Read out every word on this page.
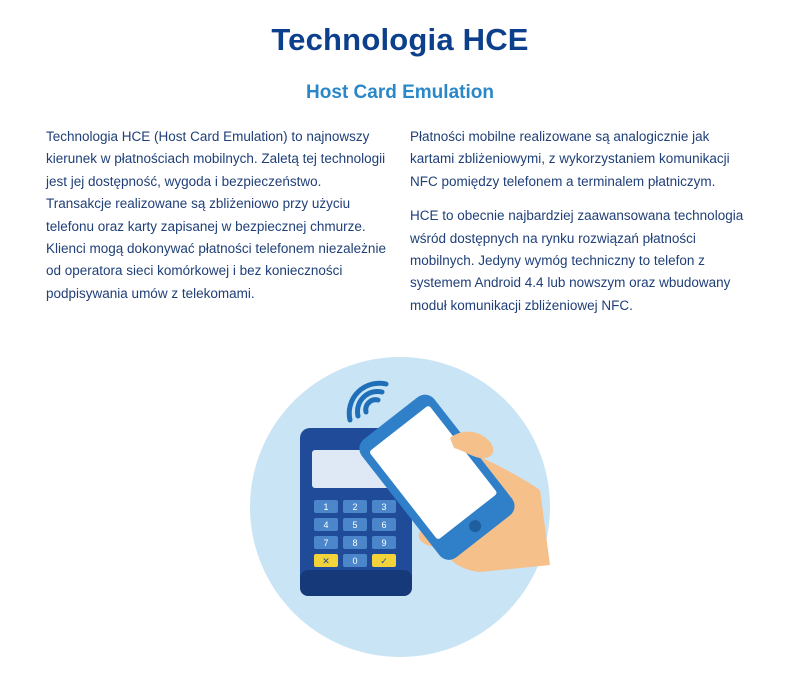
Technologia HCE
Host Card Emulation

Technologia HCE (Host Card Emulation) to najnowszy kierunek w płatnościach mobilnych. Zaletą tej technologii jest jej dostępność, wygoda i bezpieczeństwo. Transakcje realizowane są zbliżeniowo przy użyciu telefonu oraz karty zapisanej w bezpiecznej chmurze. Klienci mogą dokonywać płatności telefonem niezależnie od operatora sieci komórkowej i bez konieczności podpisywania umów z telekomami.

Płatności mobilne realizowane są analogicznie jak kartami zbliżeniowymi, z wykorzystaniem komunikacji NFC pomiędzy telefonem a terminalem płatniczym.

HCE to obecnie najbardziej zaawansowana technologia wśród dostępnych na rynku rozwiązań płatności mobilnych. Jedyny wymóg techniczny to telefon z systemem Android 4.4 lub nowszym oraz wbudowany moduł komunikacji zbliżeniowej NFC.

1	2	3
4	5	6
7	8	9
✕	0	✓
